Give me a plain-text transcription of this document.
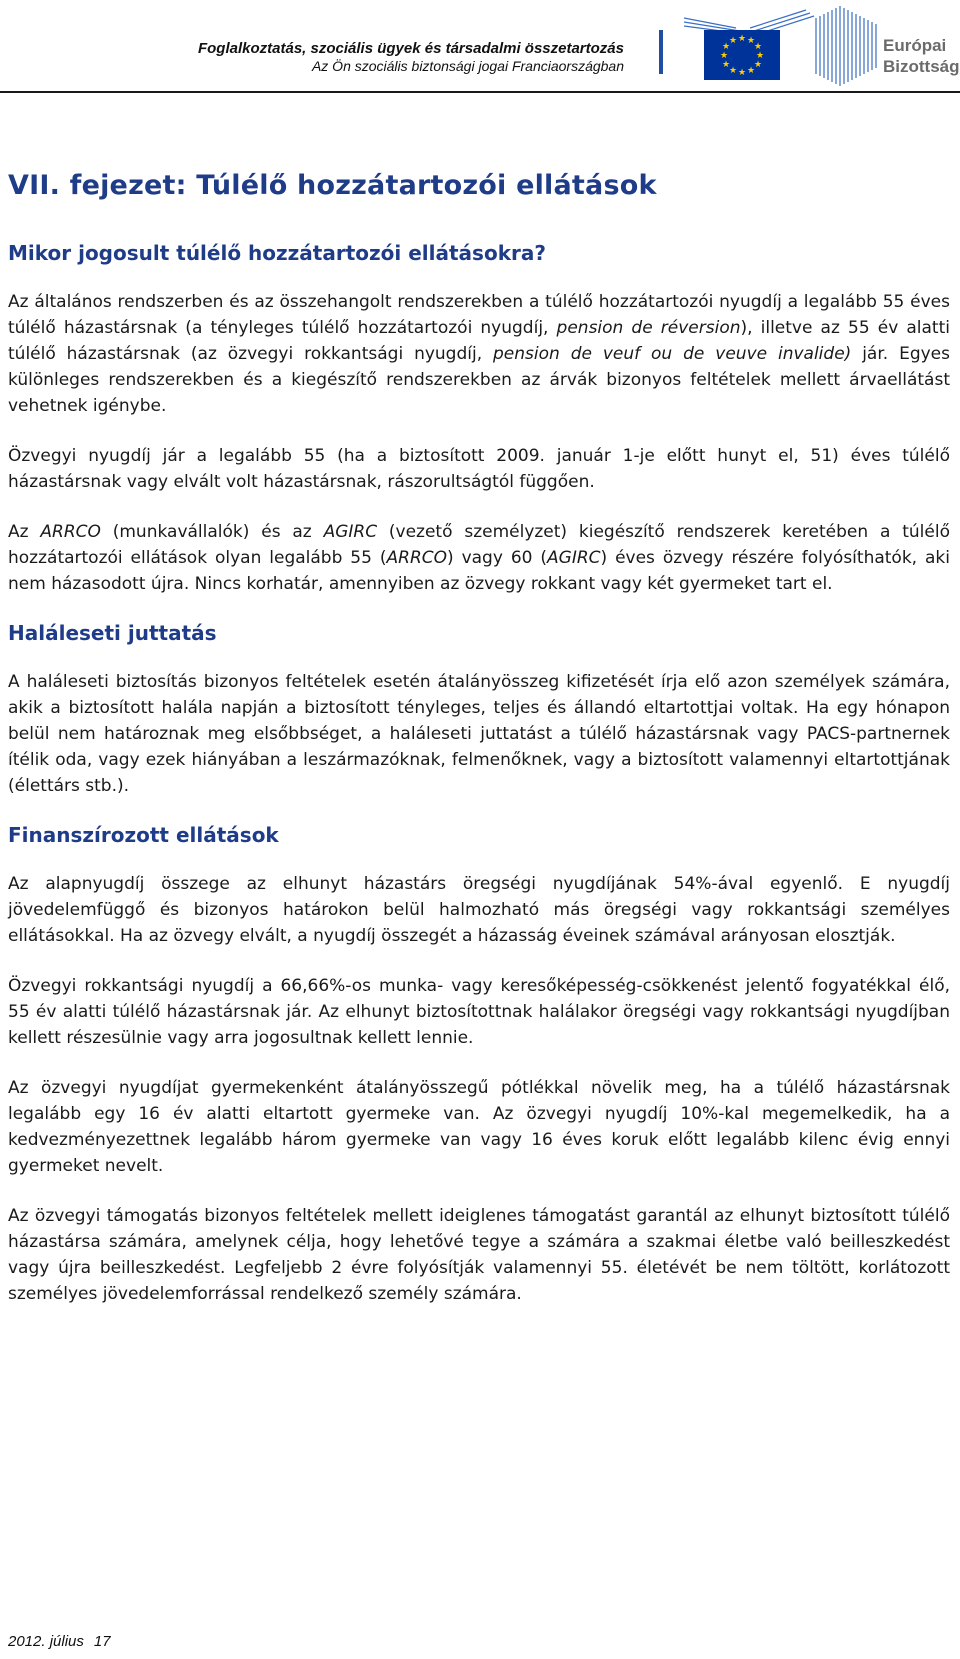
Foglalkoztatás, szociális ügyek és társadalmi összetartozás
Az Ön szociális biztonsági jogai Franciaországban
★ ★
★
★
★
★
★
★
★
★
★
★	Európai
Bizottság
VII. fejezet: Túlélő hozzátartozói ellátások
Mikor jogosult túlélő hozzátartozói ellátásokra?

Az általános rendszerben és az összehangolt rendszerekben a túlélő hozzátartozói nyugdíj a legalább 55 éves túlélő házastársnak (a tényleges túlélő hozzátartozói nyugdíj, pension de réversion), illetve az 55 év alatti túlélő házastársnak (az özvegyi rokkantsági nyugdíj, pension de veuf ou de veuve invalide) jár. Egyes különleges rendszerekben és a kiegészítő rendszerekben az árvák bizonyos feltételek mellett árvaellátást vehetnek igénybe.

Özvegyi nyugdíj jár a legalább 55 (ha a biztosított 2009. január 1-je előtt hunyt el, 51) éves túlélő házastársnak vagy elvált volt házastársnak, rászorultságtól függően.

Az ARRCO (munkavállalók) és az AGIRC (vezető személyzet) kiegészítő rendszerek keretében a túlélő hozzátartozói ellátások olyan legalább 55 (ARRCO) vagy 60 (AGIRC) éves özvegy részére folyósíthatók, aki nem házasodott újra. Nincs korhatár, amennyiben az özvegy rokkant vagy két gyermeket tart el.

Haláleseti juttatás

A haláleseti biztosítás bizonyos feltételek esetén átalányösszeg kifizetését írja elő azon személyek számára, akik a biztosított halála napján a biztosított tényleges, teljes és állandó eltartottjai voltak. Ha egy hónapon belül nem határoznak meg elsőbbséget, a haláleseti juttatást a túlélő házastársnak vagy PACS-partnernek ítélik oda, vagy ezek hiányában a leszármazóknak, felmenőknek, vagy a biztosított valamennyi eltartottjának (élettárs stb.).

Finanszírozott ellátások

Az alapnyugdíj összege az elhunyt házastárs öregségi nyugdíjának 54%-ával egyenlő. E nyugdíj jövedelemfüggő és bizonyos határokon belül halmozható más öregségi vagy rokkantsági személyes ellátásokkal. Ha az özvegy elvált, a nyugdíj összegét a házasság éveinek számával arányosan elosztják.

Özvegyi rokkantsági nyugdíj a 66,66%-os munka- vagy keresőképesség-csökkenést jelentő fogyatékkal élő, 55 év alatti túlélő házastársnak jár. Az elhunyt biztosítottnak halálakor öregségi vagy rokkantsági nyugdíjban kellett részesülnie vagy arra jogosultnak kellett lennie.

Az özvegyi nyugdíjat gyermekenként átalányösszegű pótlékkal növelik meg, ha a túlélő házastársnak legalább egy 16 év alatti eltartott gyermeke van. Az özvegyi nyugdíj 10%-kal megemelkedik, ha a kedvezményezettnek legalább három gyermeke van vagy 16 éves koruk előtt legalább kilenc évig ennyi gyermeket nevelt.

Az özvegyi támogatás bizonyos feltételek mellett ideiglenes támogatást garantál az elhunyt biztosított túlélő házastársa számára, amelynek célja, hogy lehetővé tegye a számára a szakmai életbe való beilleszkedést vagy újra beilleszkedést. Legfeljebb 2 évre folyósítják valamennyi 55. életévét be nem töltött, korlátozott személyes jövedelemforrással rendelkező személy számára.

2012. július 17
